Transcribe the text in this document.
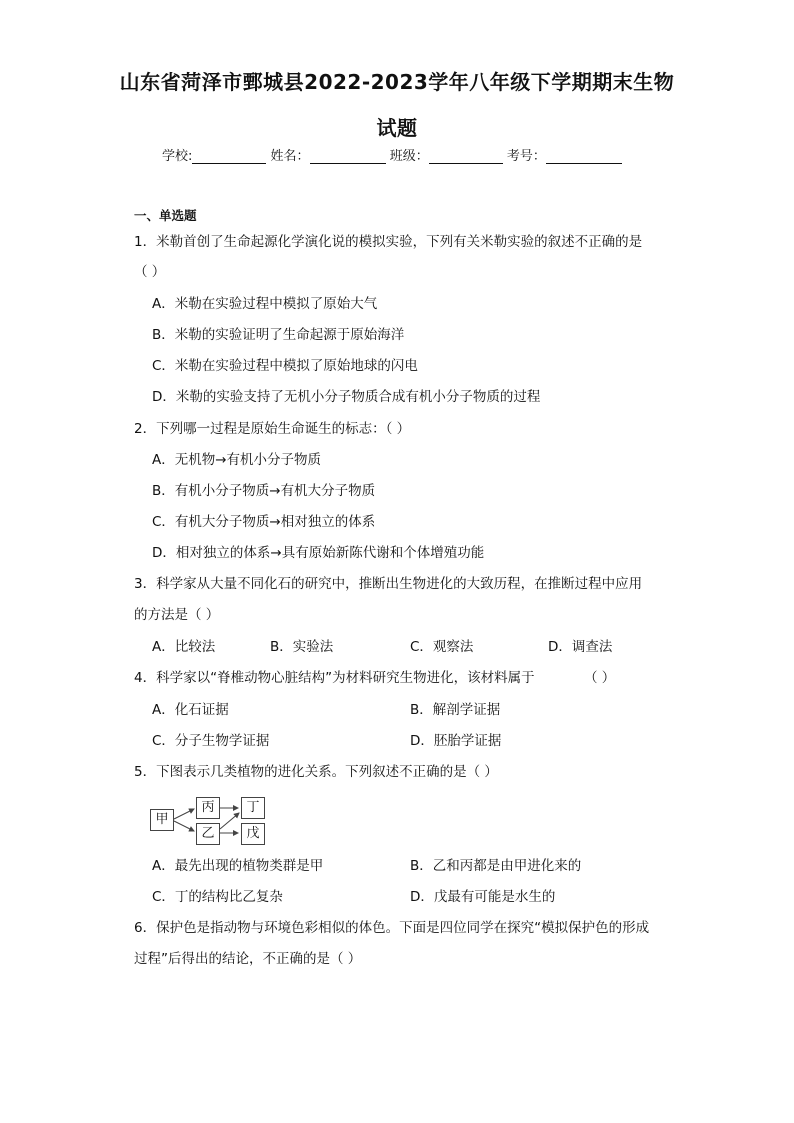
山东省菏泽市鄄城县2022-2023学年八年级下学期期末生物
试题
学校:	姓名：	班级：	考号：
一、单选题
1．米勒首创了生命起源化学演化说的模拟实验，下列有关米勒实验的叙述不正确的是
（ ）
A．米勒在实验过程中模拟了原始大气
B．米勒的实验证明了生命起源于原始海洋
C．米勒在实验过程中模拟了原始地球的闪电
D．米勒的实验支持了无机小分子物质合成有机小分子物质的过程
2．下列哪一过程是原始生命诞生的标志：（ ）
A．无机物→有机小分子物质
B．有机小分子物质→有机大分子物质
C．有机大分子物质→相对独立的体系
D．相对独立的体系→具有原始新陈代谢和个体增殖功能
3．科学家从大量不同化石的研究中，推断出生物进化的大致历程，在推断过程中应用
的方法是（ ）
A．比较法	B．实验法	C．观察法	D．调查法
4．科学家以“脊椎动物心脏结构”为材料研究生物进化，该材料属于	（ ）
A．化石证据	B．解剖学证据
C．分子生物学证据	D．胚胎学证据
5．下图表示几类植物的进化关系。下列叙述不正确的是（ ）
甲
丙
乙
丁
戊
A．最先出现的植物类群是甲	B．乙和丙都是由甲进化来的
C．丁的结构比乙复杂	D．戊最有可能是水生的
6．保护色是指动物与环境色彩相似的体色。下面是四位同学在探究“模拟保护色的形成
过程”后得出的结论，不正确的是（ ）
